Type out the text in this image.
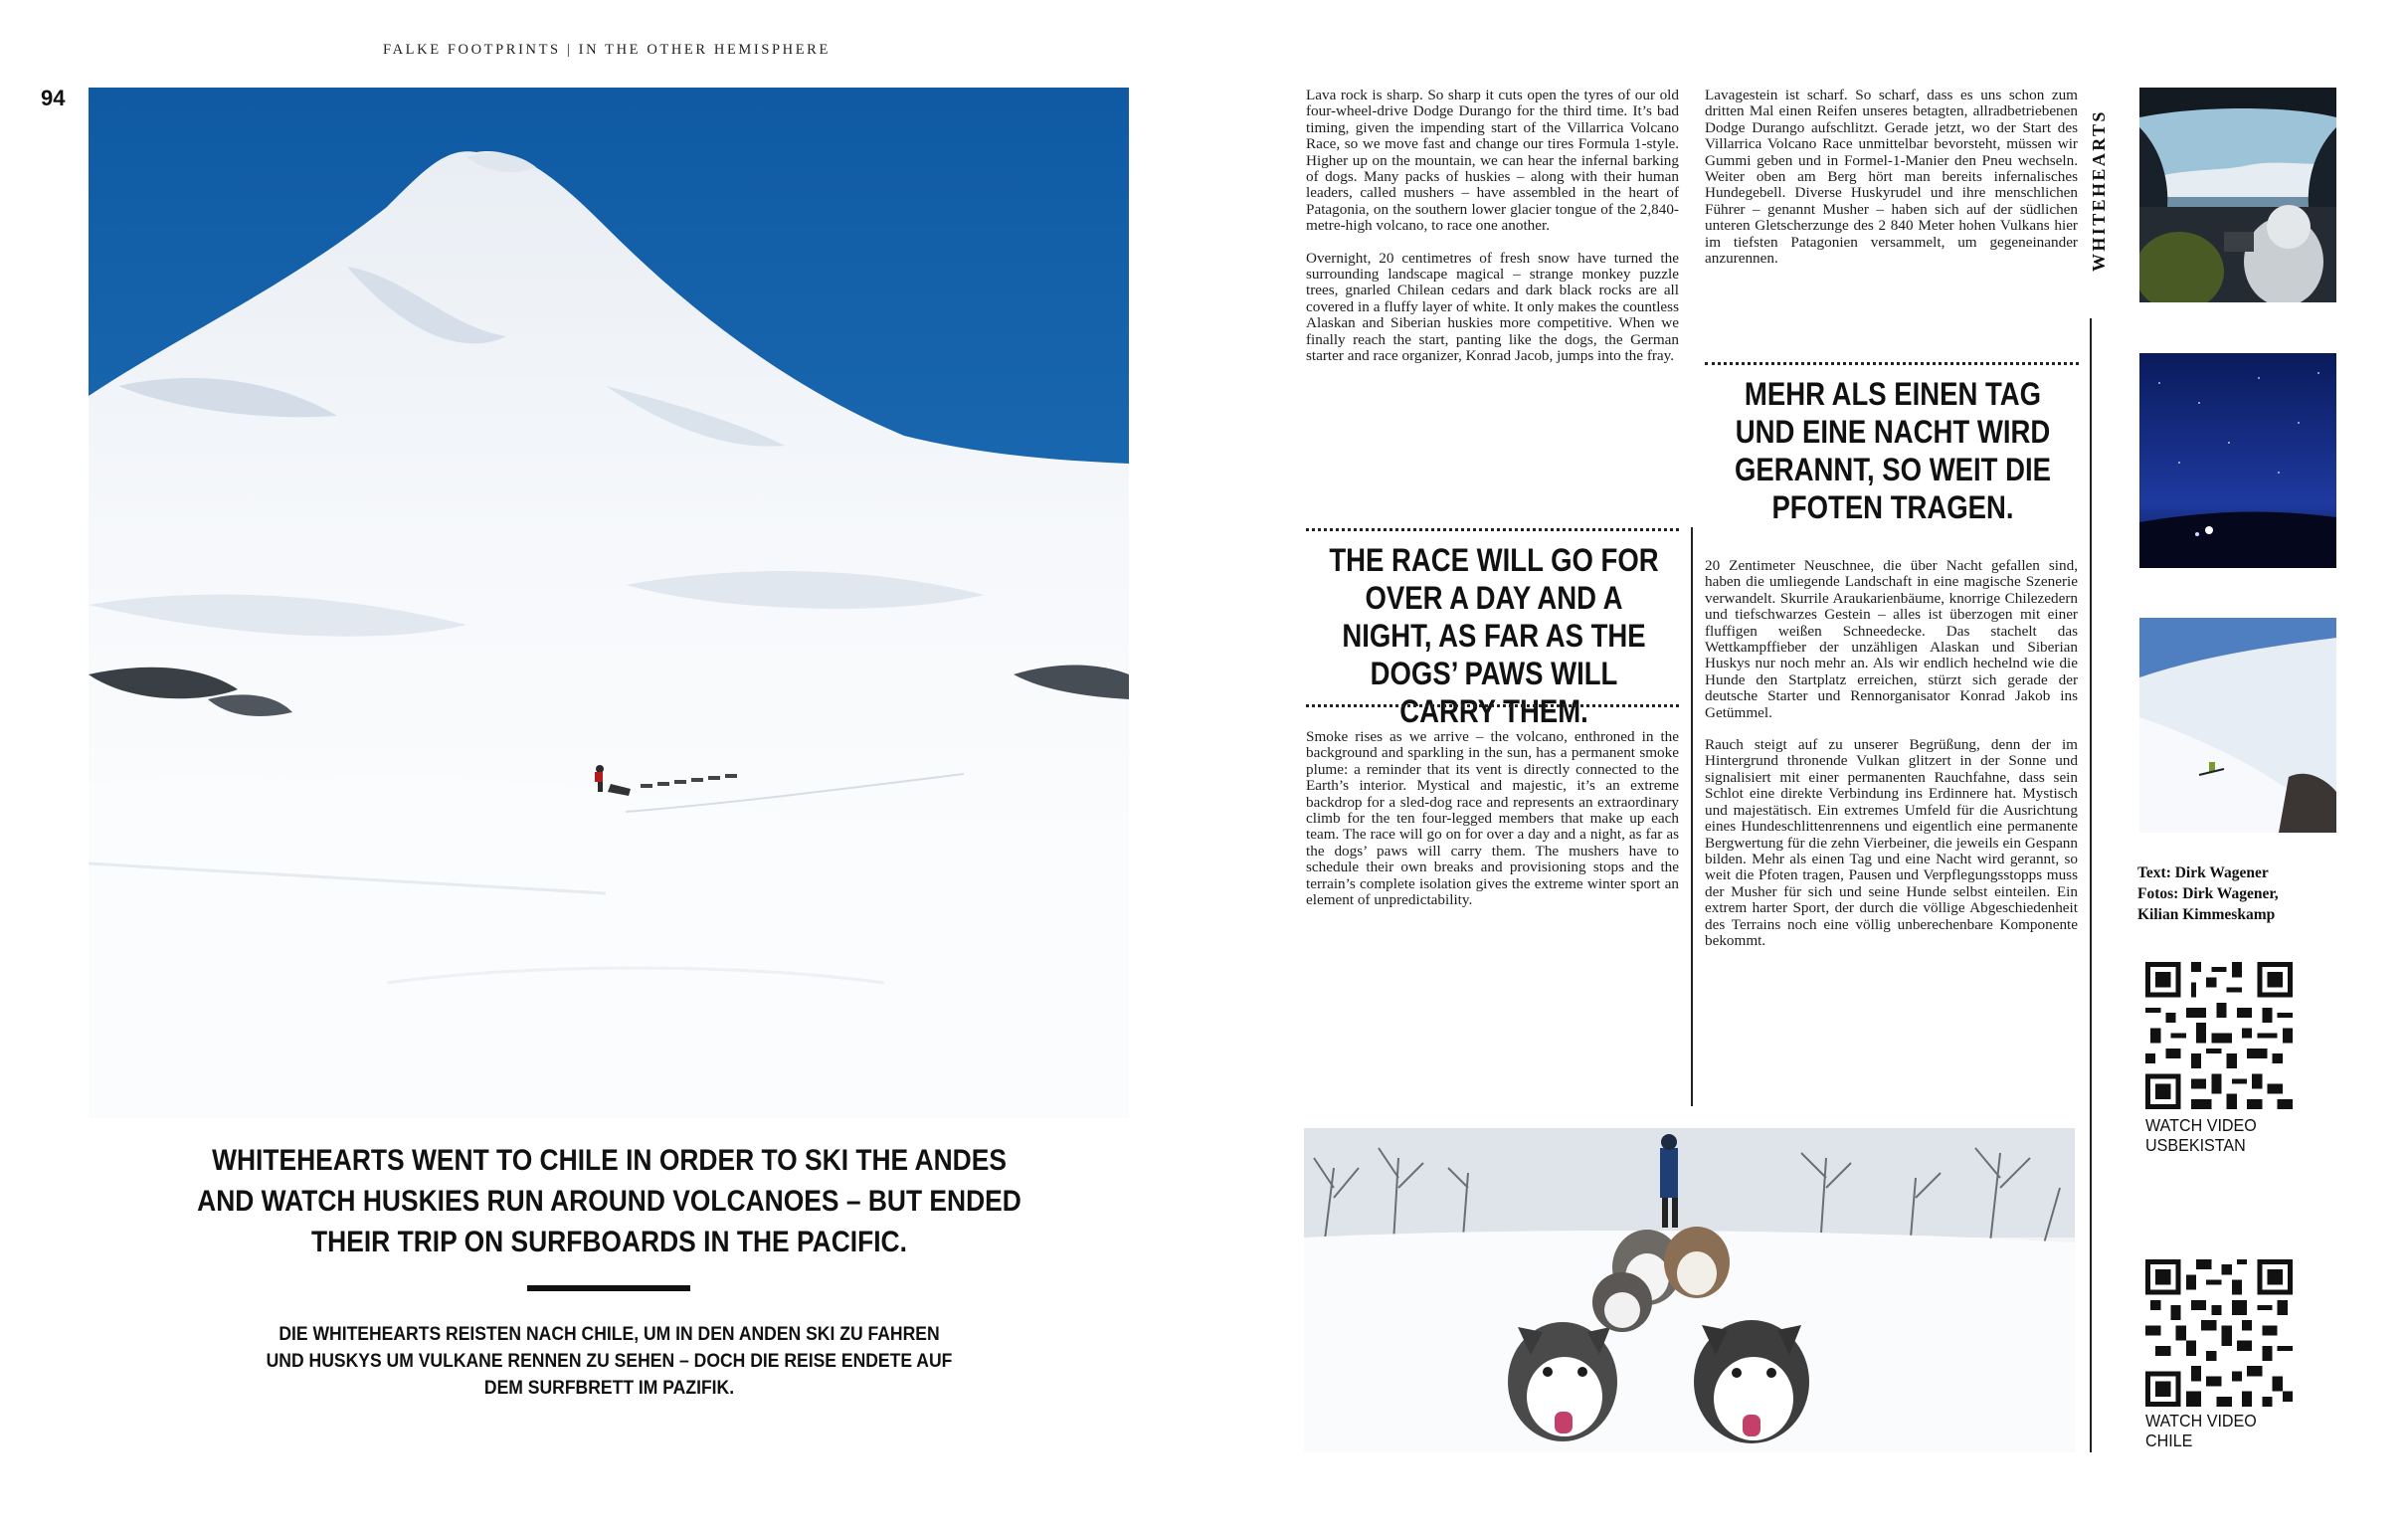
FALKE FOOTPRINTS | IN THE OTHER HEMISPHERE
94
WHITEHEARTS WENT TO CHILE IN ORDER TO SKI THE ANDES AND WATCH HUSKIES RUN AROUND VOLCANOES – BUT ENDED THEIR TRIP ON SURFBOARDS IN THE PACIFIC.
DIE WHITEHEARTS REISTEN NACH CHILE, UM IN DEN ANDEN SKI ZU FAHREN UND HUSKYS UM VULKANE RENNEN ZU SEHEN – DOCH DIE REISE ENDETE AUF DEM SURFBRETT IM PAZIFIK.

Lava rock is sharp. So sharp it cuts open the tyres of our old four-wheel-drive Dodge Durango for the third time. It’s bad timing, given the impending start of the Villarrica Volcano Race, so we move fast and change our tires Formula 1-style. Higher up on the mountain, we can hear the infernal barking of dogs. Many packs of huskies – along with their human leaders, called mushers – have assembled in the heart of Patagonia, on the southern lower glacier tongue of the 2,840-metre-high volcano, to race one another.

Overnight, 20 centimetres of fresh snow have turned the surrounding landscape magical – strange monkey puzzle trees, gnarled Chilean cedars and dark black rocks are all covered in a fluffy layer of white. It only makes the countless Alaskan and Siberian huskies more competitive. When we finally reach the start, panting like the dogs, the German starter and race organizer, Konrad Jacob, jumps into the fray.

THE RACE WILL GO FOR OVER A DAY AND A NIGHT, AS FAR AS THE DOGS’ PAWS WILL CARRY THEM.

Smoke rises as we arrive – the volcano, enthroned in the background and sparkling in the sun, has a permanent smoke plume: a reminder that its vent is directly connected to the Earth’s interior. Mystical and majestic, it’s an extreme backdrop for a sled-dog race and represents an extraordinary climb for the ten four-legged members that make up each team. The race will go on for over a day and a night, as far as the dogs’ paws will carry them. The mushers have to schedule their own breaks and provisioning stops and the terrain’s complete isolation gives the extreme winter sport an element of unpredictability.

Lavagestein ist scharf. So scharf, dass es uns schon zum dritten Mal einen Reifen unseres betagten, allradbetriebenen Dodge Durango aufschlitzt. Gerade jetzt, wo der Start des Villarrica Volcano Race unmittelbar bevorsteht, müssen wir Gummi geben und in Formel-1-Manier den Pneu wechseln. Weiter oben am Berg hört man bereits infernalisches Hundegebell. Diverse Huskyrudel und ihre menschlichen Führer – genannt Musher – haben sich auf der südlichen unteren Gletscherzunge des 2 840 Meter hohen Vulkans hier im tiefsten Patagonien versammelt, um gegeneinander anzurennen.

MEHR ALS EINEN TAG UND EINE NACHT WIRD GERANNT, SO WEIT DIE PFOTEN TRAGEN.

20 Zentimeter Neuschnee, die über Nacht gefallen sind, haben die umliegende Landschaft in eine magische Szenerie verwandelt. Skurrile Araukarienbäume, knorrige Chilezedern und tiefschwarzes Gestein – alles ist überzogen mit einer fluffigen weißen Schneedecke. Das stachelt das Wettkampffieber der unzähligen Alaskan und Siberian Huskys nur noch mehr an. Als wir endlich hechelnd wie die Hunde den Startplatz erreichen, stürzt sich gerade der deutsche Starter und Rennorganisator Konrad Jakob ins Getümmel.

Rauch steigt auf zu unserer Begrüßung, denn der im Hintergrund thronende Vulkan glitzert in der Sonne und signalisiert mit einer permanenten Rauchfahne, dass sein Schlot eine direkte Verbindung ins Erdinnere hat. Mystisch und majestätisch. Ein extremes Umfeld für die Ausrichtung eines Hundeschlittenrennens und eigentlich eine permanente Bergwertung für die zehn Vierbeiner, die jeweils ein Gespann bilden. Mehr als einen Tag und eine Nacht wird gerannt, so weit die Pfoten tragen, Pausen und Verpflegungsstopps muss der Musher für sich und seine Hunde selbst einteilen. Ein extrem harter Sport, der durch die völlige Abgeschiedenheit des Terrains noch eine völlig unberechenbare Komponente bekommt.

WHITEHEARTS
Text: Dirk Wagener
Fotos: Dirk Wagener,
Kilian Kimmeskamp
WATCH VIDEO
USBEKISTAN
WATCH VIDEO
CHILE
